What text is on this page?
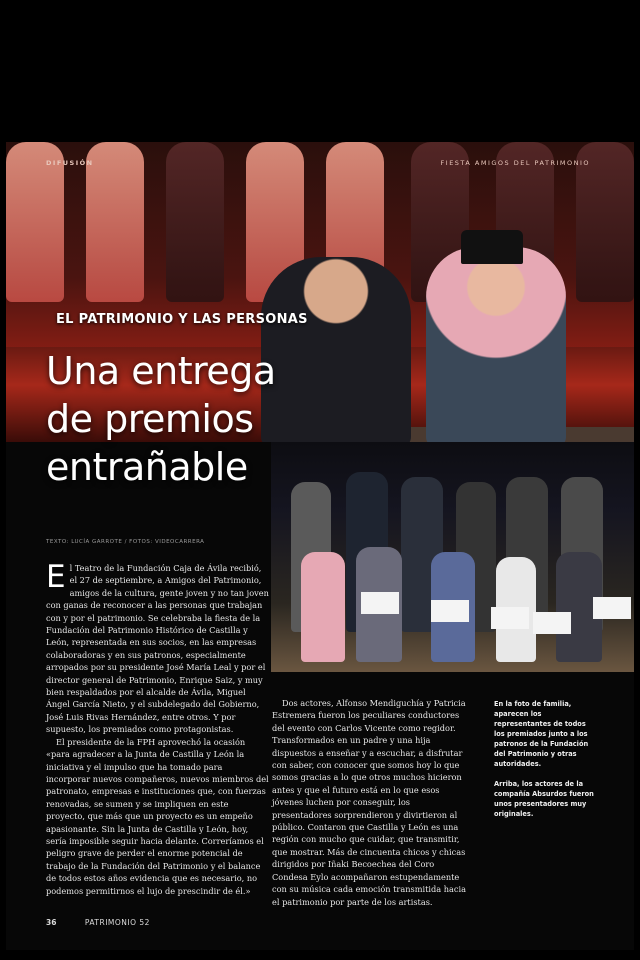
DIFUSIÓN	FIESTA AMIGOS DEL PATRIMONIO
EL PATRIMONIO Y LAS PERSONAS
Una entrega
de premios
entrañable
TEXTO: LUCÍA GARROTE / FOTOS: VIDEOCARRERA

El Teatro de la Fundación Caja de Ávila recibió, el 27 de septiembre, a Amigos del Patrimonio, amigos de la cultura, gente joven y no tan joven con ganas de reconocer a las personas que trabajan con y por el patrimonio. Se celebraba la fiesta de la Fundación del Patrimonio Histórico de Castilla y León, representada en sus socios, en las empresas colaboradoras y en sus patronos, especialmente arropados por su presidente José María Leal y por el director general de Patrimonio, Enrique Saiz, y muy bien respaldados por el alcalde de Ávila, Miguel Ángel García Nieto, y el subdelegado del Gobierno, José Luis Rivas Hernández, entre otros. Y por supuesto, los premiados como protagonistas.

El presidente de la FPH aprovechó la ocasión «para agradecer a la Junta de Castilla y León la iniciativa y el impulso que ha tomado para incorporar nuevos compañeros, nuevos miembros del patronato, empresas e instituciones que, con fuerzas renovadas, se sumen y se impliquen en este proyecto, que más que un proyecto es un empeño apasionante. Sin la Junta de Castilla y León, hoy, sería imposible seguir hacia delante. Correríamos el peligro grave de perder el enorme potencial de trabajo de la Fundación del Patrimonio y el balance de todos estos años evidencia que es necesario, no podemos permitirnos el lujo de prescindir de él.»

Dos actores, Alfonso Mendiguchía y Patricia Estremera fueron los peculiares conductores del evento con Carlos Vicente como regidor. Transformados en un padre y una hija dispuestos a enseñar y a escuchar, a disfrutar con saber, con conocer que somos hoy lo que somos gracias a lo que otros muchos hicieron antes y que el futuro está en lo que esos jóvenes luchen por conseguir, los presentadores sorprendieron y divirtieron al público. Contaron que Castilla y León es una región con mucho que cuidar, que transmitir, que mostrar. Más de cincuenta chicos y chicas dirigidos por Iñaki Becoechea del Coro Condesa Eylo acompañaron estupendamente con su música cada emoción transmitida hacia el patrimonio por parte de los artistas.

En la foto de familia, aparecen los representantes de todos los premiados junto a los patronos de la Fundación del Patrimonio y otras autoridades.

Arriba, los actores de la compañía Absurdos fueron unos presentadores muy originales.

36	PATRIMONIO 52
